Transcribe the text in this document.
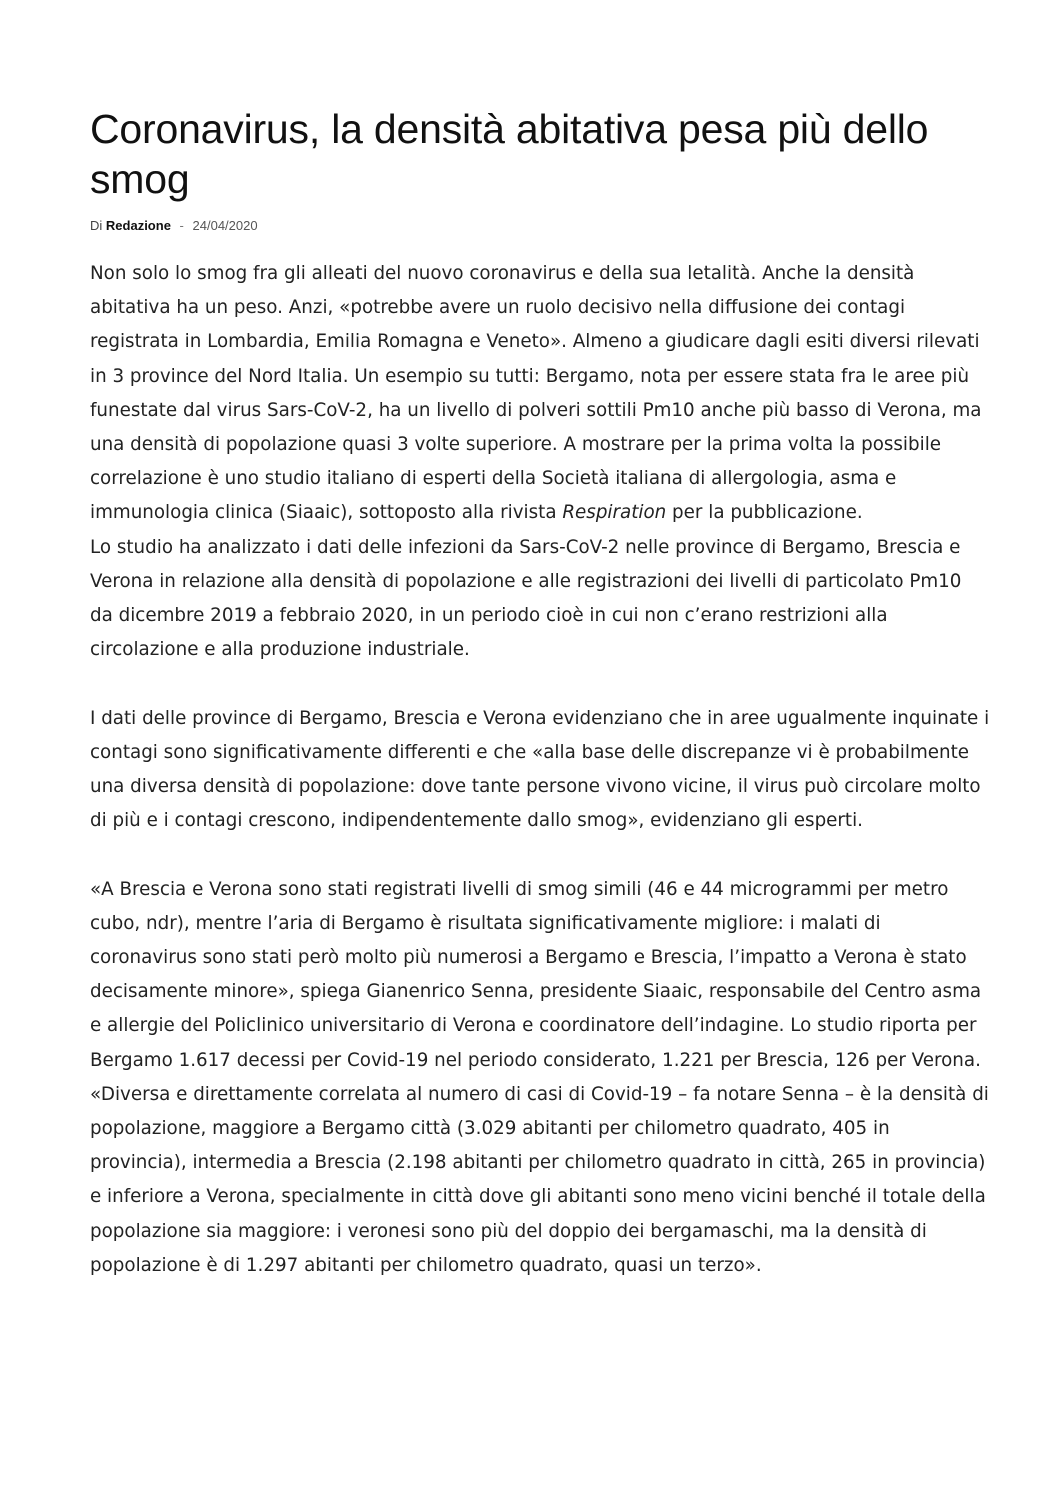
Coronavirus, la densità abitativa pesa più dello smog
Di Redazione - 24/04/2020

Non solo lo smog fra gli alleati del nuovo coronavirus e della sua letalità. Anche la densità abitativa ha un peso. Anzi, «potrebbe avere un ruolo decisivo nella diffusione dei contagi registrata in Lombardia, Emilia Romagna e Veneto». Almeno a giudicare dagli esiti diversi rilevati in 3 province del Nord Italia. Un esempio su tutti: Bergamo, nota per essere stata fra le aree più funestate dal virus Sars-CoV-2, ha un livello di polveri sottili Pm10 anche più basso di Verona, ma una densità di popolazione quasi 3 volte superiore. A mostrare per la prima volta la possibile correlazione è uno studio italiano di esperti della Società italiana di allergologia, asma e immunologia clinica (Siaaic), sottoposto alla rivista Respiration per la pubblicazione.

Lo studio ha analizzato i dati delle infezioni da Sars-CoV-2 nelle province di Bergamo, Brescia e Verona in relazione alla densità di popolazione e alle registrazioni dei livelli di particolato Pm10 da dicembre 2019 a febbraio 2020, in un periodo cioè in cui non c’erano restrizioni alla circolazione e alla produzione industriale.

I dati delle province di Bergamo, Brescia e Verona evidenziano che in aree ugualmente inquinate i contagi sono significativamente differenti e che «alla base delle discrepanze vi è probabilmente una diversa densità di popolazione: dove tante persone vivono vicine, il virus può circolare molto di più e i contagi crescono, indipendentemente dallo smog», evidenziano gli esperti.

«A Brescia e Verona sono stati registrati livelli di smog simili (46 e 44 microgrammi per metro cubo, ndr), mentre l’aria di Bergamo è risultata significativamente migliore: i malati di coronavirus sono stati però molto più numerosi a Bergamo e Brescia, l’impatto a Verona è stato decisamente minore», spiega Gianenrico Senna, presidente Siaaic, responsabile del Centro asma e allergie del Policlinico universitario di Verona e coordinatore dell’indagine. Lo studio riporta per Bergamo 1.617 decessi per Covid-19 nel periodo considerato, 1.221 per Brescia, 126 per Verona.

«Diversa e direttamente correlata al numero di casi di Covid-19 – fa notare Senna – è la densità di popolazione, maggiore a Bergamo città (3.029 abitanti per chilometro quadrato, 405 in provincia), intermedia a Brescia (2.198 abitanti per chilometro quadrato in città, 265 in provincia) e inferiore a Verona, specialmente in città dove gli abitanti sono meno vicini benché il totale della popolazione sia maggiore: i veronesi sono più del doppio dei bergamaschi, ma la densità di popolazione è di 1.297 abitanti per chilometro quadrato, quasi un terzo».
